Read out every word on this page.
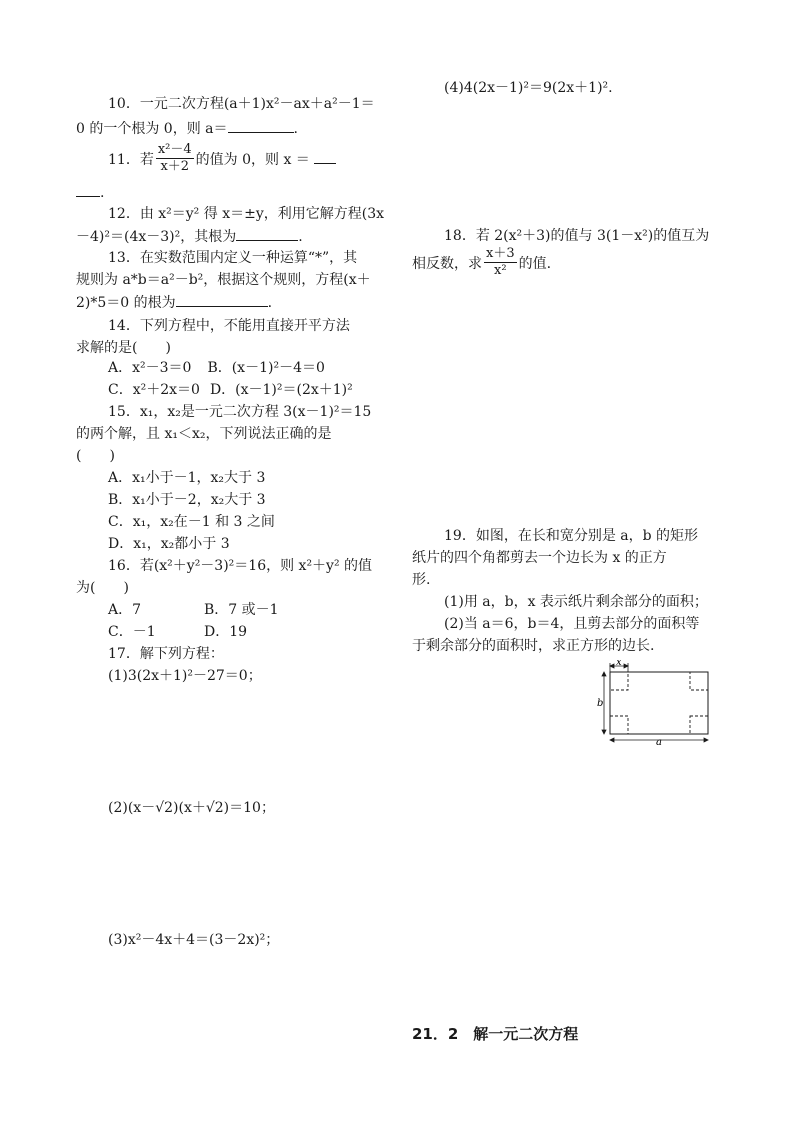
10．一元二次方程(a＋1)x²－ax＋a²－1＝
0 的一个根为 0，则 a＝	.
11．若 $\frac{\text{x²－4}}{x+2}$ 的值为 0，则 x ＝
.
12．由 x²＝y² 得 x＝±y，利用它解方程(3x
－4)²＝(4x－3)²，其根为	.
13．在实数范围内定义一种运算“*”，其
规则为 a*b＝a²－b²，根据这个规则，方程(x＋
2)*5＝0 的根为	.
14．下列方程中，不能用直接开平方法
求解的是(　　)
A．x²－3＝0 B．(x－1)²－4＝0
C．x²＋2x＝0 D．(x－1)²＝(2x＋1)²
15．x₁，x₂是一元二次方程 3(x－1)²＝15
的两个解，且 x₁＜x₂，下列说法正确的是
(　　)
A．x₁小于－1，x₂大于 3
B．x₁小于－2，x₂大于 3
C．x₁，x₂在－1 和 3 之间
D．x₁，x₂都小于 3
16．若(x²＋y²－3)²＝16，则 x²＋y² 的值
为(　　)
A．7	B．7 或－1
C．－1	D．19
17．解下列方程：
(1)3(2x＋1)²－27＝0；
(2)(x－√2)(x＋√2)＝10；
(3)x²－4x＋4＝(3－2x)²；
(4)4(2x－1)²＝9(2x＋1)².
18．若 2(x²＋3)的值与 3(1－x²)的值互为
相反数，求 $\frac{x+3}{\text{x²}}$ 的值.
19．如图，在长和宽分别是 a，b 的矩形
纸片的四个角都剪去一个边长为 x 的正方
形.
(1)用 a，b，x 表示纸片剩余部分的面积；
(2)当 a＝6，b＝4，且剪去部分的面积等
于剩余部分的面积时，求正方形的边长.
x
b
a
21．2　解一元二次方程
